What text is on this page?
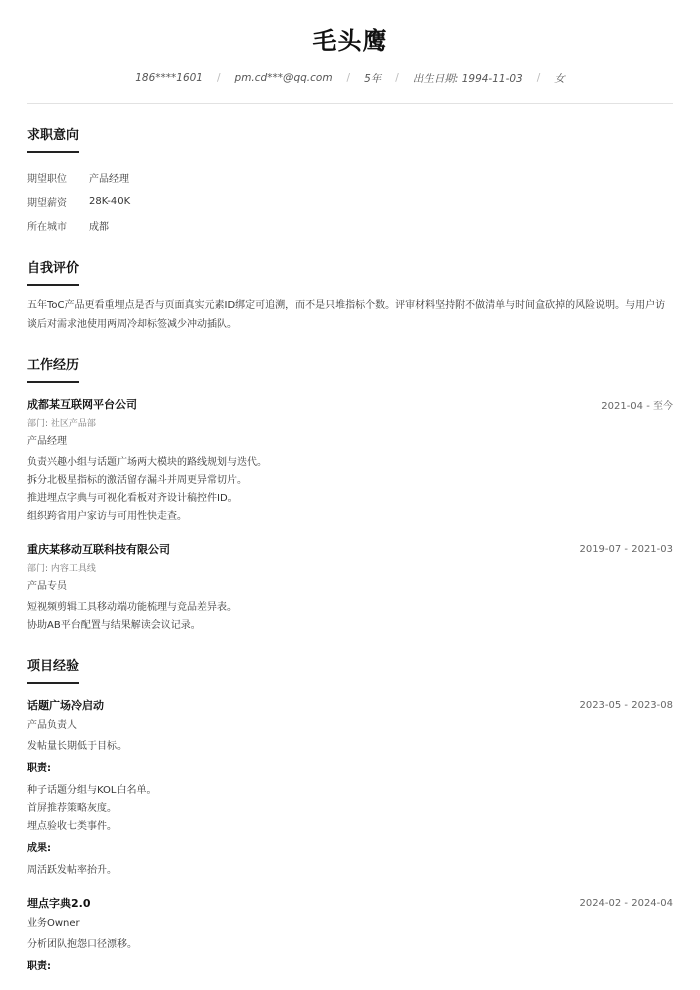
毛头鹰
186****1601 / pm.cd***@qq.com / 5年 / 出生日期: 1994-11-03 / 女
求职意向
期望职位	产品经理
期望薪资	28K-40K
所在城市	成都
自我评价
五年ToC产品更看重埋点是否与页面真实元素ID绑定可追溯，而不是只堆指标个数。评审材料坚持附不做清单与时间盒砍掉的风险说明。与用户访谈后对需求池使用两周冷却标签减少冲动插队。
工作经历
成都某互联网平台公司	2021-04 - 至今
部门: 社区产品部
产品经理
负责兴趣小组与话题广场两大模块的路线规划与迭代。
拆分北极星指标的激活留存漏斗并周更异常切片。
推进埋点字典与可视化看板对齐设计稿控件ID。
组织跨省用户家访与可用性快走查。
重庆某移动互联科技有限公司	2019-07 - 2021-03
部门: 内容工具线
产品专员
短视频剪辑工具移动端功能梳理与竞品差异表。
协助AB平台配置与结果解读会议记录。
项目经验
话题广场冷启动	2023-05 - 2023-08
产品负责人
发帖量长期低于目标。
职责:
种子话题分组与KOL白名单。
首屏推荐策略灰度。
埋点验收七类事件。
成果:
周活跃发帖率抬升。
埋点字典2.0	2024-02 - 2024-04
业务Owner
分析团队抱怨口径漂移。
职责:
